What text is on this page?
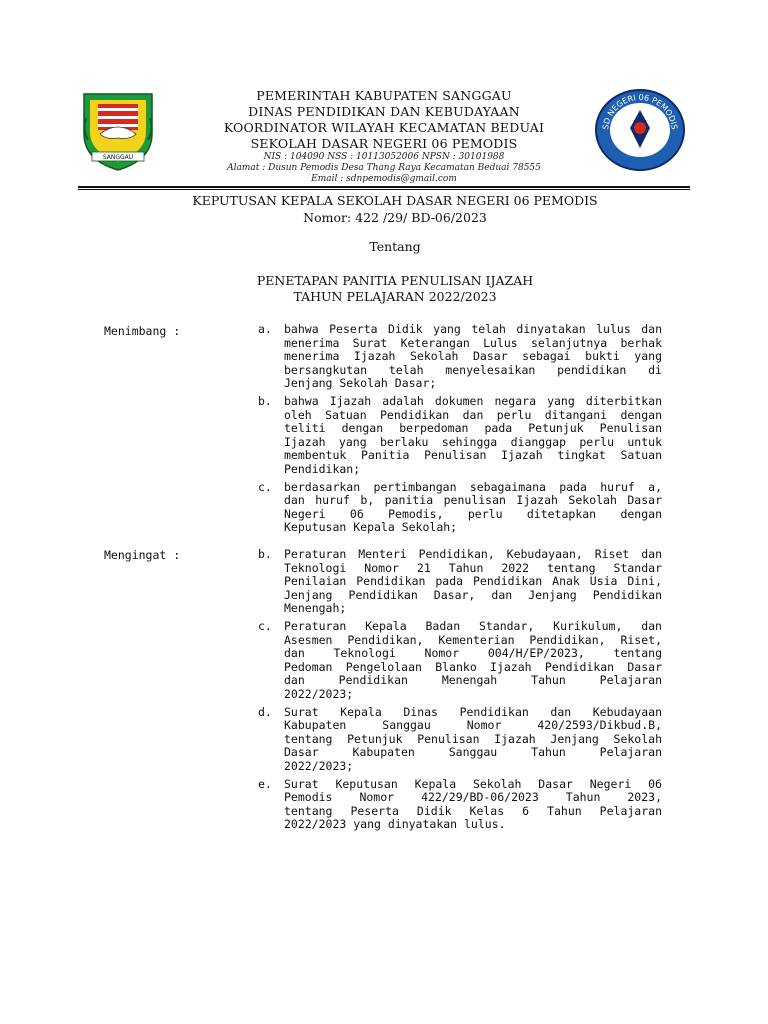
SANGGAU
PEMERINTAH KABUPATEN SANGGAU
DINAS PENDIDIKAN DAN KEBUDAYAAN
KOORDINATOR WILAYAH KECAMATAN BEDUAI
SEKOLAH DASAR NEGERI 06 PEMODIS
NIS : 104090 NSS : 10113052006 NPSN : 30101988
Alamat : Dusun Pemodis Desa Thang Raya Kecamatan Beduai 78555
Email : sdnpemodis@gmail.com
SD NEGERI 06 PEMODIS
KECAMATAN BEDUAI
KEPUTUSAN KEPALA SEKOLAH DASAR NEGERI 06 PEMODIS
Nomor: 422 /29/ BD-06/2023
Tentang
PENETAPAN PANITIA PENULISAN IJAZAH
TAHUN PELAJARAN 2022/2023
Menimbang :	a. bahwa Peserta Didik yang telah dinyatakan lulus dan
menerima Surat Keterangan Lulus selanjutnya berhak
menerima Ijazah Sekolah Dasar sebagai bukti yang
bersangkutan telah menyelesaikan pendidikan di
Jenjang Sekolah Dasar;
b. bahwa Ijazah adalah dokumen negara yang diterbitkan
oleh Satuan Pendidikan dan perlu ditangani dengan
teliti dengan berpedoman pada Petunjuk Penulisan
Ijazah yang berlaku sehingga dianggap perlu untuk
membentuk Panitia Penulisan Ijazah tingkat Satuan
Pendidikan;
c. berdasarkan pertimbangan sebagaimana pada huruf a,
dan huruf b, panitia penulisan Ijazah Sekolah Dasar
Negeri 06 Pemodis, perlu ditetapkan dengan
Keputusan Kepala Sekolah;
Mengingat :	b. Peraturan Menteri Pendidikan, Kebudayaan, Riset dan
Teknologi Nomor 21 Tahun 2022 tentang Standar
Penilaian Pendidikan pada Pendidikan Anak Usia Dini,
Jenjang Pendidikan Dasar, dan Jenjang Pendidikan
Menengah;
c. Peraturan Kepala Badan Standar, Kurikulum, dan
Asesmen Pendidikan, Kementerian Pendidikan, Riset,
dan Teknologi Nomor 004/H/EP/2023, tentang
Pedoman Pengelolaan Blanko Ijazah Pendidikan Dasar
dan Pendidikan Menengah Tahun Pelajaran
2022/2023;
d. Surat Kepala Dinas Pendidikan dan Kebudayaan
Kabupaten Sanggau Nomor 420/2593/Dikbud.B,
tentang Petunjuk Penulisan Ijazah Jenjang Sekolah
Dasar Kabupaten Sanggau Tahun Pelajaran
2022/2023;
e. Surat Keputusan Kepala Sekolah Dasar Negeri 06
Pemodis Nomor 422/29/BD-06/2023 Tahun 2023,
tentang Peserta Didik Kelas 6 Tahun Pelajaran
2022/2023 yang dinyatakan lulus.
